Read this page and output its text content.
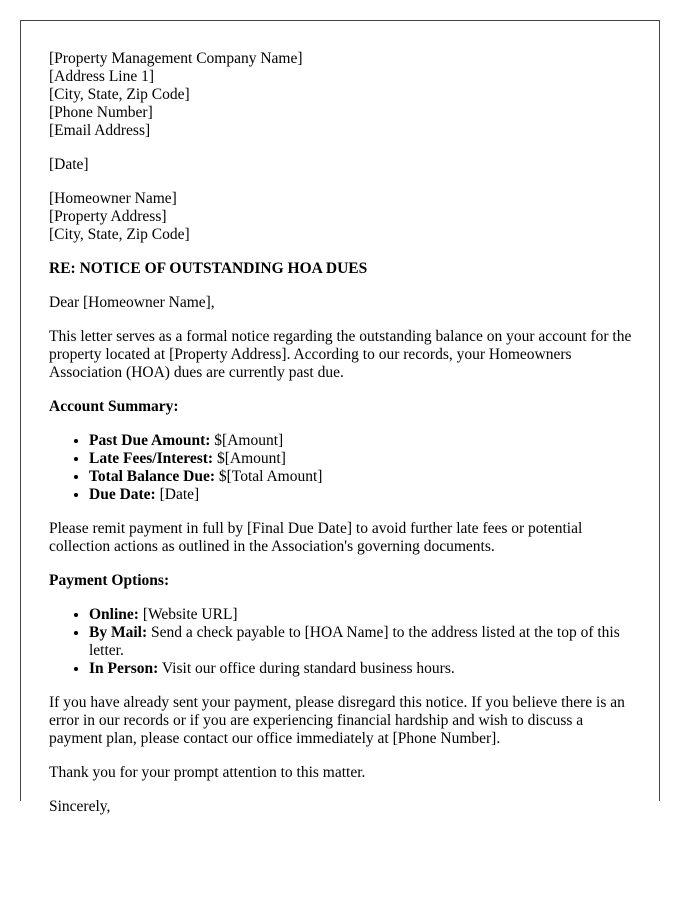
[Property Management Company Name]
[Address Line 1]
[City, State, Zip Code]
[Phone Number]
[Email Address]

[Date]

[Homeowner Name]
[Property Address]
[City, State, Zip Code]
RE: NOTICE OF OUTSTANDING HOA DUES

Dear [Homeowner Name],

This letter serves as a formal notice regarding the outstanding balance on your account for the property located at [Property Address]. According to our records, your Homeowners Association (HOA) dues are currently past due.

Account Summary:
• Past Due Amount: $[Amount]
• Late Fees/Interest: $[Amount]
• Total Balance Due: $[Total Amount]
• Due Date: [Date]

Please remit payment in full by [Final Due Date] to avoid further late fees or potential collection actions as outlined in the Association's governing documents.

Payment Options:
• Online: [Website URL]
• By Mail: Send a check payable to [HOA Name] to the address listed at the top of this letter.
• In Person: Visit our office during standard business hours.

If you have already sent your payment, please disregard this notice. If you believe there is an error in our records or if you are experiencing financial hardship and wish to discuss a payment plan, please contact our office immediately at [Phone Number].

Thank you for your prompt attention to this matter.

Sincerely,
